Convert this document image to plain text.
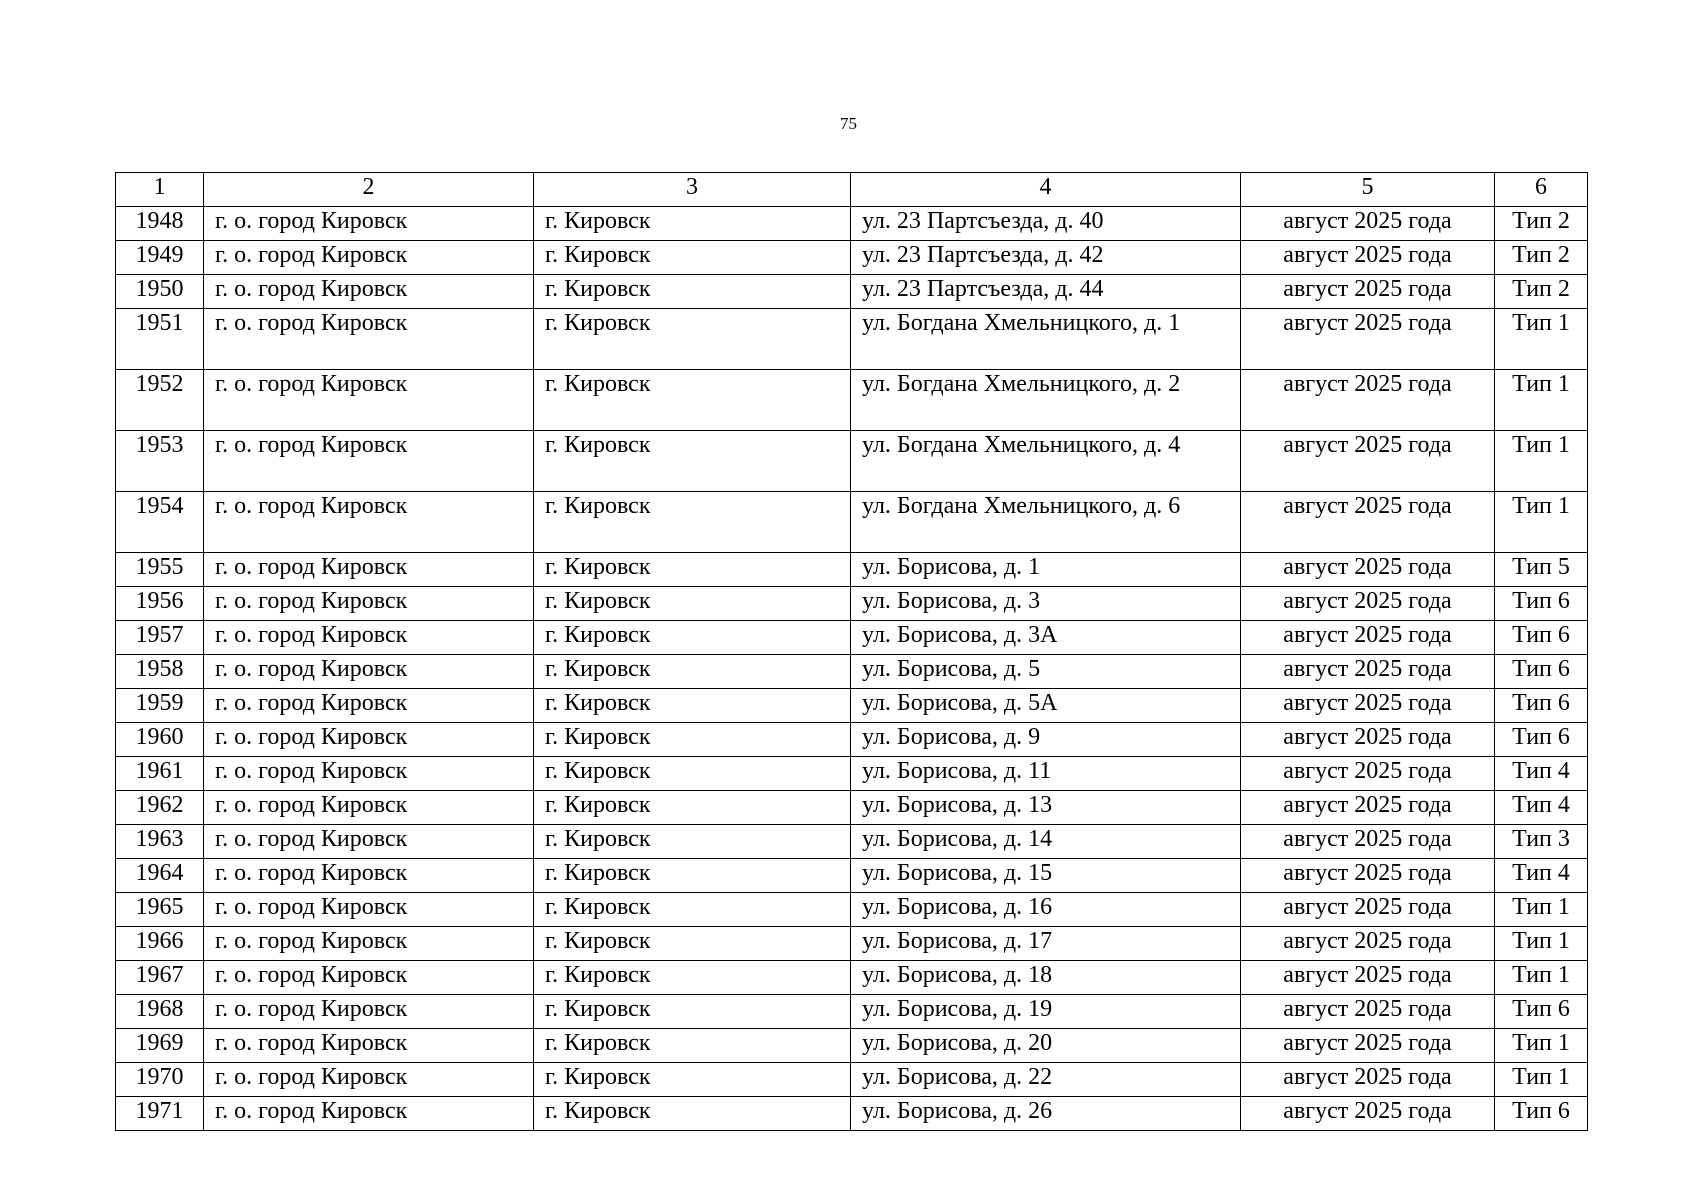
75
1	2	3	4	5	6
1948	г. о. город Кировск	г. Кировск	ул. 23 Партсъезда, д. 40	август 2025 года	Тип 2
1949	г. о. город Кировск	г. Кировск	ул. 23 Партсъезда, д. 42	август 2025 года	Тип 2
1950	г. о. город Кировск	г. Кировск	ул. 23 Партсъезда, д. 44	август 2025 года	Тип 2
1951	г. о. город Кировск	г. Кировск	ул. Богдана Хмельницкого, д. 1	август 2025 года	Тип 1
1952	г. о. город Кировск	г. Кировск	ул. Богдана Хмельницкого, д. 2	август 2025 года	Тип 1
1953	г. о. город Кировск	г. Кировск	ул. Богдана Хмельницкого, д. 4	август 2025 года	Тип 1
1954	г. о. город Кировск	г. Кировск	ул. Богдана Хмельницкого, д. 6	август 2025 года	Тип 1
1955	г. о. город Кировск	г. Кировск	ул. Борисова, д. 1	август 2025 года	Тип 5
1956	г. о. город Кировск	г. Кировск	ул. Борисова, д. 3	август 2025 года	Тип 6
1957	г. о. город Кировск	г. Кировск	ул. Борисова, д. 3А	август 2025 года	Тип 6
1958	г. о. город Кировск	г. Кировск	ул. Борисова, д. 5	август 2025 года	Тип 6
1959	г. о. город Кировск	г. Кировск	ул. Борисова, д. 5А	август 2025 года	Тип 6
1960	г. о. город Кировск	г. Кировск	ул. Борисова, д. 9	август 2025 года	Тип 6
1961	г. о. город Кировск	г. Кировск	ул. Борисова, д. 11	август 2025 года	Тип 4
1962	г. о. город Кировск	г. Кировск	ул. Борисова, д. 13	август 2025 года	Тип 4
1963	г. о. город Кировск	г. Кировск	ул. Борисова, д. 14	август 2025 года	Тип 3
1964	г. о. город Кировск	г. Кировск	ул. Борисова, д. 15	август 2025 года	Тип 4
1965	г. о. город Кировск	г. Кировск	ул. Борисова, д. 16	август 2025 года	Тип 1
1966	г. о. город Кировск	г. Кировск	ул. Борисова, д. 17	август 2025 года	Тип 1
1967	г. о. город Кировск	г. Кировск	ул. Борисова, д. 18	август 2025 года	Тип 1
1968	г. о. город Кировск	г. Кировск	ул. Борисова, д. 19	август 2025 года	Тип 6
1969	г. о. город Кировск	г. Кировск	ул. Борисова, д. 20	август 2025 года	Тип 1
1970	г. о. город Кировск	г. Кировск	ул. Борисова, д. 22	август 2025 года	Тип 1
1971	г. о. город Кировск	г. Кировск	ул. Борисова, д. 26	август 2025 года	Тип 6
